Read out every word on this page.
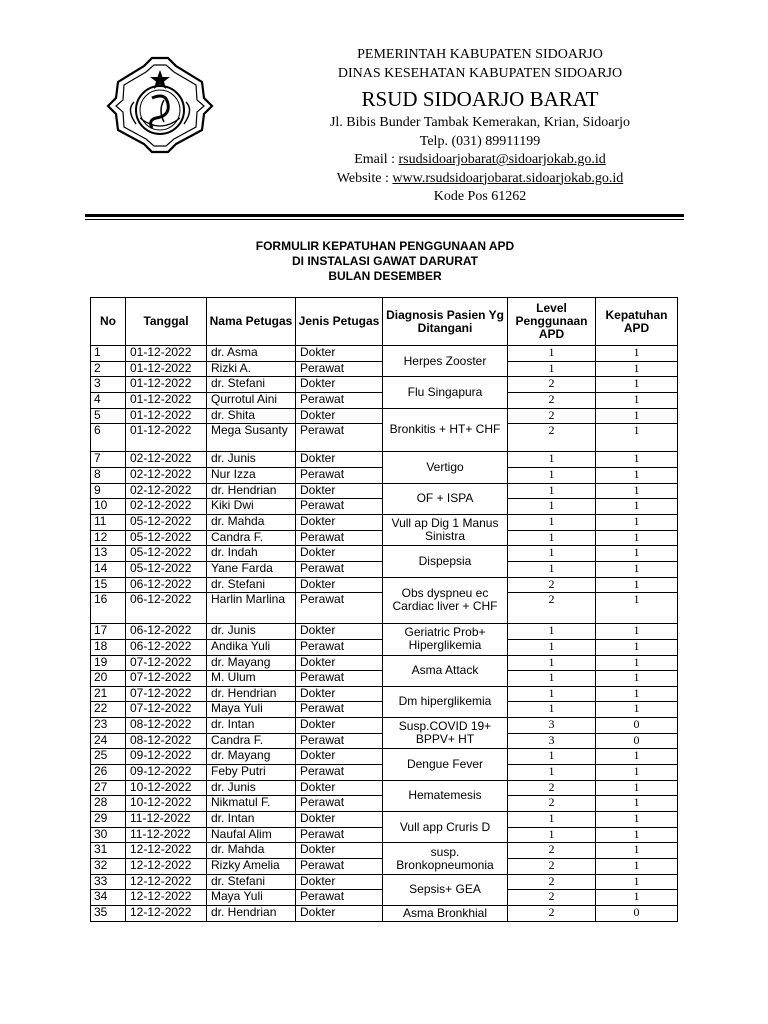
PEMERINTAH KABUPATEN SIDOARJO
DINAS KESEHATAN KABUPATEN SIDOARJO
RSUD SIDOARJO BARAT
Jl. Bibis Bunder Tambak Kemerakan, Krian, Sidoarjo
Telp. (031) 89911199
Email : rsudsidoarjobarat@sidoarjokab.go.id
Website : www.rsudsidoarjobarat.sidoarjokab.go.id
Kode Pos 61262
FORMULIR KEPATUHAN PENGGUNAAN APD
DI INSTALASI GAWAT DARURAT
BULAN DESEMBER
No	Tanggal	Nama Petugas	Jenis Petugas	Diagnosis Pasien Yg Ditangani	Level Penggunaan APD	Kepatuhan APD
1	01-12-2022	dr. Asma	Dokter	Herpes Zooster	1	1
2	01-12-2022	Rizki A.	Perawat		1	1
3	01-12-2022	dr. Stefani	Dokter	Flu Singapura	2	1
4	01-12-2022	Qurrotul Aini	Perawat		2	1
5	01-12-2022	dr. Shita	Dokter	Bronkitis + HT+ CHF	2	1
6	01-12-2022	Mega Susanty	Perawat		2	1
7	02-12-2022	dr. Junis	Dokter	Vertigo	1	1
8	02-12-2022	Nur Izza	Perawat		1	1
9	02-12-2022	dr. Hendrian	Dokter	OF + ISPA	1	1
10	02-12-2022	Kiki Dwi	Perawat		1	1
11	05-12-2022	dr. Mahda	Dokter	Vull ap Dig 1 Manus Sinistra	1	1
12	05-12-2022	Candra F.	Perawat		1	1
13	05-12-2022	dr. Indah	Dokter	Dispepsia	1	1
14	05-12-2022	Yane Farda	Perawat		1	1
15	06-12-2022	dr. Stefani	Dokter	Obs dyspneu ec Cardiac liver + CHF	2	1
16	06-12-2022	Harlin Marlina	Perawat		2	1
17	06-12-2022	dr. Junis	Dokter	Geriatric Prob+ Hiperglikemia	1	1
18	06-12-2022	Andika Yuli	Perawat		1	1
19	07-12-2022	dr. Mayang	Dokter	Asma Attack	1	1
20	07-12-2022	M. Ulum	Perawat		1	1
21	07-12-2022	dr. Hendrian	Dokter	Dm hiperglikemia	1	1
22	07-12-2022	Maya Yuli	Perawat		1	1
23	08-12-2022	dr. Intan	Dokter	Susp.COVID 19+ BPPV+ HT	3	0
24	08-12-2022	Candra F.	Perawat		3	0
25	09-12-2022	dr. Mayang	Dokter	Dengue Fever	1	1
26	09-12-2022	Feby Putri	Perawat		1	1
27	10-12-2022	dr. Junis	Dokter	Hematemesis	2	1
28	10-12-2022	Nikmatul F.	Perawat		2	1
29	11-12-2022	dr. Intan	Dokter	Vull app Cruris D	1	1
30	11-12-2022	Naufal Alim	Perawat		1	1
31	12-12-2022	dr. Mahda	Dokter	susp. Bronkopneumonia	2	1
32	12-12-2022	Rizky Amelia	Perawat		2	1
33	12-12-2022	dr. Stefani	Dokter	Sepsis+ GEA	2	1
34	12-12-2022	Maya Yuli	Perawat		2	1
35	12-12-2022	dr. Hendrian	Dokter	Asma Bronkhial	2	0
